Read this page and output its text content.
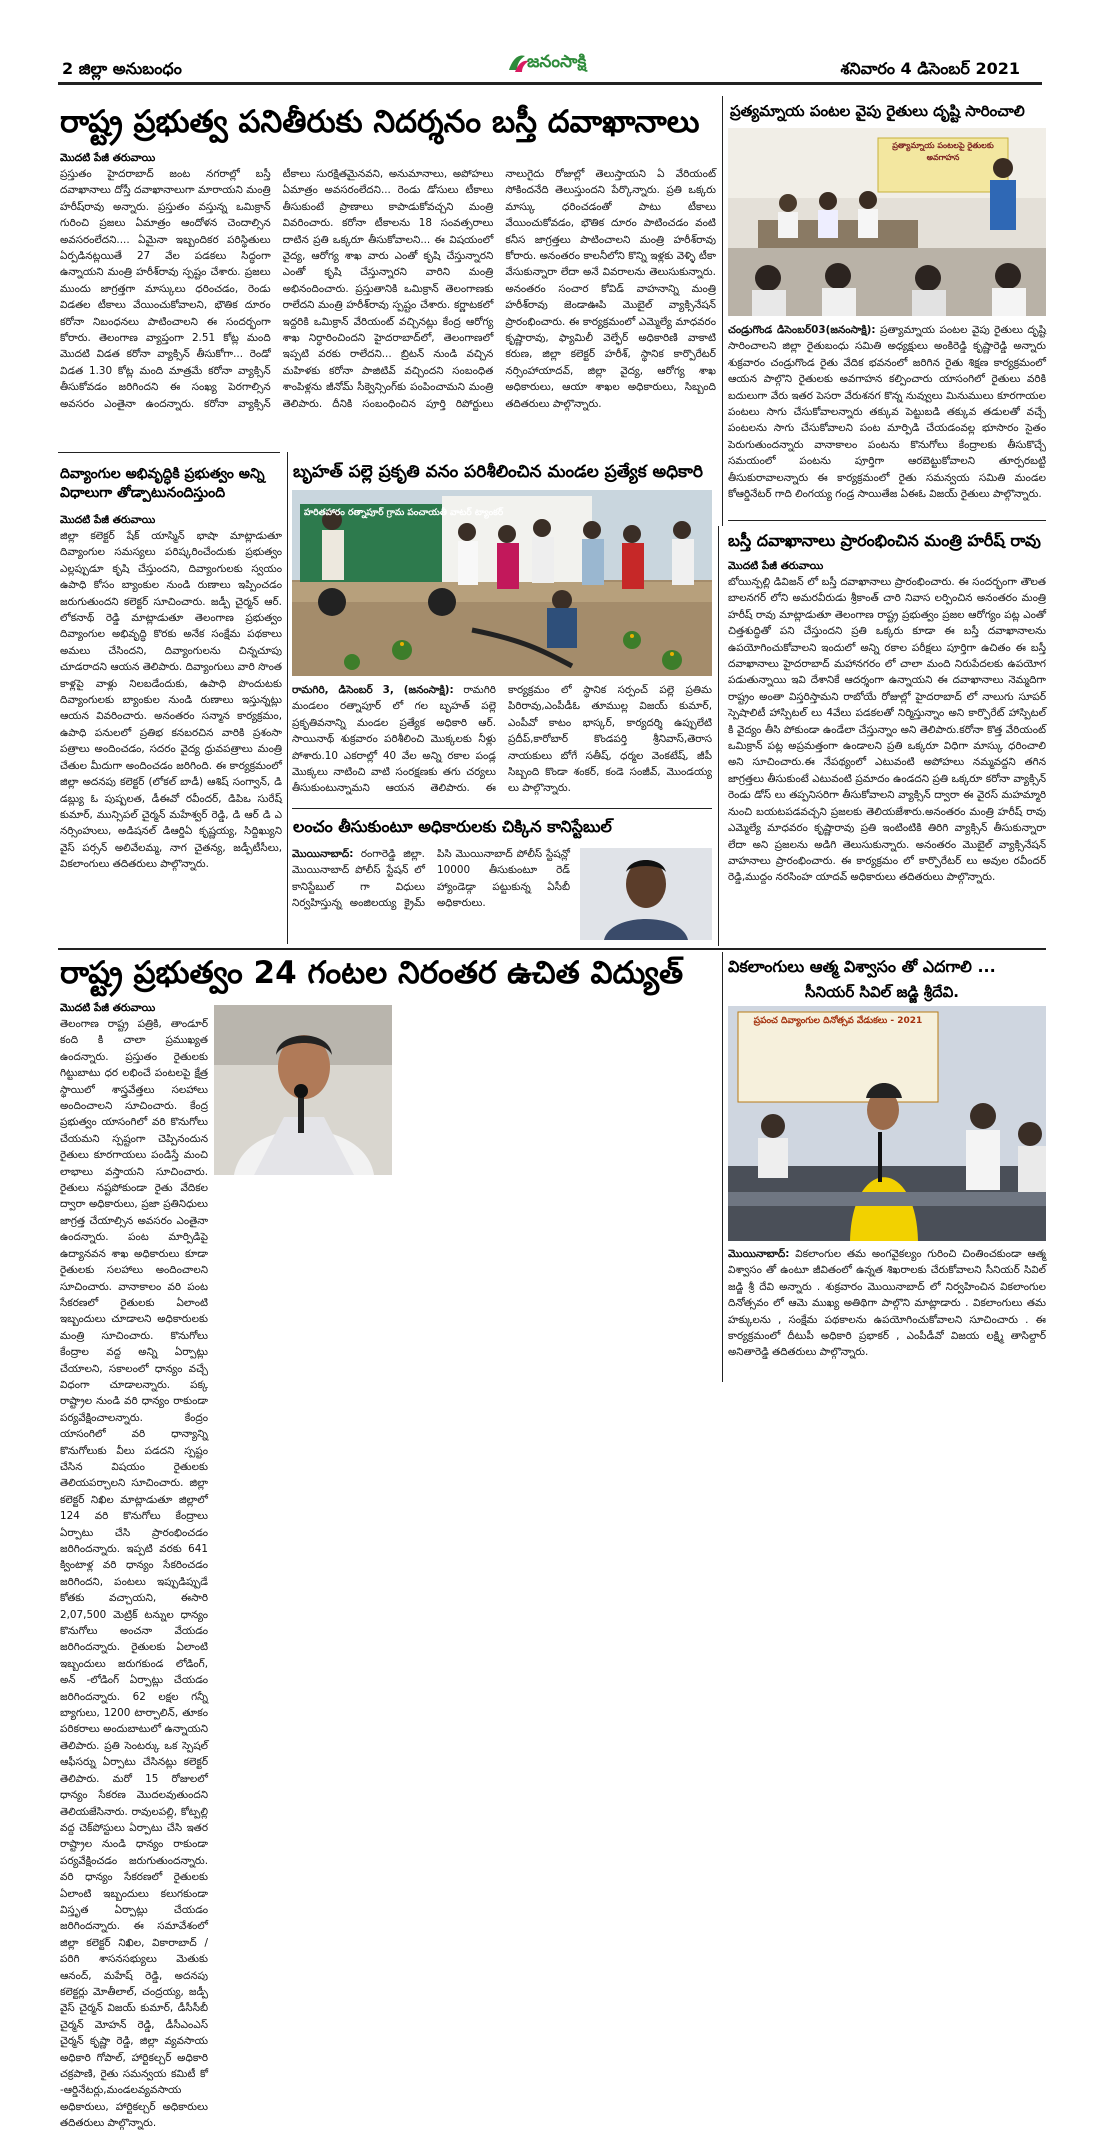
2 జిల్లా అనుబంధం	జనంసాక్షి	శనివారం 4 డిసెంబర్ 2021
రాష్ట్ర ప్రభుత్వ పనితీరుకు నిదర్శనం బస్తీ దవాఖానాలు
మొదటి పేజీ తరువాయి
ప్రస్తుతం హైదరాబాద్ జంట నగరాల్లో బస్తీ దవాఖానాలు దోస్తీ దవాఖానాలుగా మారాయని మంత్రి హరీష్‌రావు అన్నారు. ప్రస్తుతం వస్తున్న ఒమిక్రాన్ గురించి ప్రజలు ఏమాత్రం ఆందోళన చెందాల్సిన అవసరంలేదని.... ఏమైనా ఇబ్బందికర పరిస్థితులు ఏర్పడినట్లయితే 27 వేల పడకలు సిద్ధంగా ఉన్నాయని మంత్రి హరీశ్‌రావు స్పష్టం చేశారు. ప్రజలు ముందు జాగ్రత్తగా మాస్కులు ధరించడం, రెండు విడతల టీకాలు వేయించుకోవాలని, భౌతిక దూరం కరోనా నిబంధనలు పాటించాలని ఈ సందర్భంగా కోరారు. తెలంగాణ వ్యాప్తంగా 2.51 కోట్ల మంది మొదటి విడత కరోనా వ్యాక్సిన్ తీసుకోగా... రెండో విడత 1.30 కోట్ల మంది మాత్రమే కరోనా వ్యాక్సిన్ తీసుకోవడం జరిగిందని ఈ సంఖ్య పెరగాల్సిన అవసరం ఎంతైనా ఉందన్నారు. కరోనా వ్యాక్సిన్ టీకాలు సురక్షితమైనవని, అనుమానాలు, అపోహలు ఏమాత్రం అవసరంలేదని... రెండు డోసులు టీకాలు తీసుకుంటే ప్రాణాలు కాపాడుకోవచ్చని మంత్రి వివరించారు. కరోనా టీకాలను 18 సంవత్సరాలు దాటిన ప్రతి ఒక్కరూ తీసుకోవాలని... ఈ విషయంలో వైద్య, ఆరోగ్య శాఖ వారు ఎంతో కృషి చేస్తున్నారని ఎంతో కృషి చేస్తున్నారని వారిని మంత్రి అభినందించారు. ప్రస్తుతానికి ఒమిక్రాన్ తెలంగాణకు రాలేదని మంత్రి హరీశ్‌రావు స్పష్టం చేశారు. కర్ణాటకలో ఇద్దరికి ఒమిక్రాన్ వేరియంట్ వచ్చినట్లు కేంద్ర ఆరోగ్య శాఖ నిర్ధారించిందని హైదరాబాద్‌లో, తెలంగాణలో ఇప్పటి వరకు రాలేదని... బ్రిటన్ నుండి వచ్చిన మహిళకు కరోనా పాజిటివ్ వచ్చిందని సంబంధిత శాంపిళ్లను జీనోమ్ సీక్వెన్సింగ్‌కు పంపించామని మంత్రి తెలిపారు. దీనికి సంబంధించిన పూర్తి రిపోర్టులు నాలుగైదు రోజుల్లో తెలుస్తాయని ఏ వేరియంట్ సోకిందనేది తెలుస్తుందని పేర్కొన్నారు. ప్రతి ఒక్కరు మాస్కు ధరించడంతో పాటు టీకాలు వేయించుకోవడం, భౌతిక దూరం పాటించడం వంటి కనీస జాగ్రత్తలు పాటించాలని మంత్రి హరీశ్‌రావు కోరారు. అనంతరం కాలనీలోని కొన్ని ఇళ్లకు వెళ్ళి టీకా వేసుకున్నారా లేదా అనే వివరాలను తెలుసుకున్నారు. అనంతరం సంచార కోవిడ్ వాహనాన్ని మంత్రి హరీశ్‌రావు జెండాఊపి మొబైల్ వ్యాక్సినేషన్ ప్రారంభించారు. ఈ కార్యక్రమంలో ఎమ్మెల్యే మాధవరం కృష్ణారావు, ఫ్యామిలీ వెల్ఫేర్ అధికారిణి వాకాటి కరుణ, జిల్లా కలెక్టర్ హరీశ్, స్థానిక కార్పొరేటర్ నర్సింహాయాదవ్, జిల్లా వైద్య, ఆరోగ్య శాఖ అధికారులు, ఆయా శాఖల అధికారులు, సిబ్బంది తదితరులు పాల్గొన్నారు.
ప్రత్యమ్నాయ పంటల వైపు రైతులు దృష్టి సారించాలి
ప్రత్యామ్నాయ పంటలపై రైతులకు అవగాహన
చండ్రుగొండ డిసెంబర్03(జనంసాక్షి): ప్రత్యామ్నాయ పంటల వైపు రైతులు దృష్టి సారించాలని జిల్లా రైతుబంధు సమితి అధ్యక్షులు అంకిరెడ్డి కృష్ణారెడ్డి అన్నారు శుక్రవారం చండ్రుగొండ రైతు వేదిక భవనంలో జరిగిన రైతు శిక్షణ కార్యక్రమంలో ఆయన పాల్గొని రైతులకు అవగాహన కల్పించారు యాసంగిలో రైతులు వరికి బదులుగా వేరు ఇతర పెసరా వేరుశనగ కొన్న నువ్వులు మినుములు కూరగాయల పంటలు సాగు చేసుకోవాలన్నారు తక్కువ పెట్టుబడి తక్కువ తడులతో వచ్చే పంటలను సాగు చేసుకోవాలని పంట మార్పిడి చేయడంవల్ల భూసారం సైతం పెరుగుతుందన్నారు వానాకాలం పంటను కొనుగోలు కేంద్రాలకు తీసుకొచ్చే సమయంలో పంటను పూర్తిగా ఆరబెట్టుకోవాలని తూర్పరబట్టి తీసుకురావాలన్నారు ఈ కార్యక్రమంలో రైతు సమన్వయ సమితి మండల కోఆర్డినేటర్ గాది లింగయ్య గండ్ర సాయితేజ ఏఈఓ విజయ్ రైతులు పాల్గొన్నారు.
దివ్యాంగుల అభివృద్ధికి ప్రభుత్వం అన్ని విధాలుగా తోడ్పాటునందిస్తుంది
మొదటి పేజీ తరువాయి
జిల్లా కలెక్టర్ షేక్ యాస్మిన్ భాషా మాట్లాడుతూ దివ్యాంగుల సమస్యలు పరిష్కరించేందుకు ప్రభుత్వం ఎల్లప్పుడూ కృషి చేస్తుందని, దివ్యాంగులకు స్వయం ఉపాధి కోసం బ్యాంకుల నుండి రుణాలు ఇప్పించడం జరుగుతుందని కలెక్టర్ సూచించారు. జడ్పీ చైర్మన్ ఆర్. లోకనాథ్ రెడ్డి మాట్లాడుతూ తెలంగాణ ప్రభుత్వం దివ్యాంగుల అభివృద్ధి కొరకు అనేక సంక్షేమ పథకాలు అమలు చేసిందని, దివ్యాంగులను చిన్నచూపు చూడరాదని ఆయన తెలిపారు. దివ్యాంగులు వారి సొంత కాళ్లపై వాళ్లు నిలబడేందుకు, ఉపాధి పొందుటకు దివ్యాంగులకు బ్యాంకుల నుండి రుణాలు ఇస్తున్నట్లు ఆయన వివరించారు. అనంతరం సన్మాన కార్యక్రమం, ఉపాధి పనులలో ప్రతిభ కనబరచిన వారికి ప్రశంసా పత్రాలు అందించడం, సదరం వైద్య ధ్రువపత్రాలు మంత్రి చేతుల మీదుగా అందించడం జరిగింది. ఈ కార్యక్రమంలో జిల్లా అదనపు కలెక్టర్ (లోకల్ బాడీ) ఆశిష్ సంగ్వాన్, డి డబ్ల్యు ఓ పుష్పలత, డీఈవో రవీందర్, డిపిఒ సురేష్ కుమార్, మున్సిపల్ చైర్మన్ మహేశ్వర్ రెడ్డి, డి ఆర్ డి ఎ నర్సింహులు, అడిషనల్ డిఆర్డిఏ కృష్ణయ్య, సిద్దిఖ్యుని వైస్ పర్సన్ అలివేలమ్మ, నాగ చైతన్య, జడ్పీటీసీలు, వికలాంగులు తదితరులు పాల్గొన్నారు.
బృహత్ పల్లె ప్రకృతి వనం పరిశీలించిన మండల ప్రత్యేక అధికారి
హరితహారం రత్నాపూర్ గ్రామ పంచాయతీ వాటర్ ట్యాంకర్
రామగిరి, డిసెంబర్ 3, (జనంసాక్షి): రామగిరి మండలం రత్నాపూర్ లో గల బృహత్ పల్లె ప్రకృతివనాన్ని మండల ప్రత్యేక అధికారి ఆర్. సాయినాథ్ శుక్రవారం పరిశీలించి మొక్కలకు నీళ్లు పోశారు.10 ఎకరాల్లో 40 వేల అన్ని రకాల పండ్ల మొక్కలు నాటించి వాటి సంరక్షణకు తగు చర్యలు తీసుకుంటున్నామని ఆయన తెలిపారు. ఈ కార్యక్రమం లో స్థానిక సర్పంచ్ పల్లె ప్రతిమ పిరిరావు,ఎంపీడీఓ తూముల్ల విజయ్ కుమార్, ఎంపీవో కాటం భాస్కర్, కార్యదర్శి ఉప్పులేటి ప్రదీప్,కారోబార్ కొండపర్తి శ్రీనివాస్,తెరాస నాయకులు బోగే సతీష్, ధర్మల వెంకటేష్, జీపీ సిబ్బంది కొండా శంకర్, కండె సంజీవ్, మొండయ్య లు పాల్గొన్నారు.
లంచం తీసుకుంటూ అధికారులకు చిక్కిన కానిస్టేబుల్
మొయినాబాద్: రంగారెడ్డి జిల్లా. మొయినాబాద్ పోలీస్ స్టేషన్ లో కానిస్టేబుల్ గా విధులు నిర్వహిస్తున్న అంజిలయ్య క్రైమ్ పిసి మొయినాబాద్ పోలీస్ స్టేషన్లో 10000 తీసుకుంటూ రెడ్ హ్యాండెడ్గా పట్టుకున్న ఏసీబీ అధికారులు.
బస్తీ దవాఖానాలు ప్రారంభించిన మంత్రి హరీష్ రావు
మొదటి పేజీ తరువాయి
బోయిన్పల్లి డివిజన్ లో బస్తీ దవాఖానాలు ప్రారంభించారు. ఈ సందర్భంగా తౌలత బాలనగర్ లోని అమరవీరుడు శ్రీకాంత్ చారి నివాస లర్పించిన అనంతరం మంత్రి హరీష్ రావు మాట్లాడుతూ తెలంగాణ రాష్ట్ర ప్రభుత్వం ప్రజల ఆరోగ్యం పట్ల ఎంతో చిత్తశుద్ధితో పని చేస్తుందని ప్రతి ఒక్కరు కూడా ఈ బస్తీ దవాఖానాలను ఉపయోగించుకోవాలని ఇందులో అన్ని రకాల పరీక్షలు పూర్తిగా ఉచితం ఈ బస్తీ దవాఖానాలు హైదరాబాద్ మహానగరం లో చాలా మంది నిరుపేదలకు ఉపయోగ పడుతున్నాయి ఇవి దేశానికే ఆదర్శంగా ఉన్నాయని ఈ దవాఖానాలు నెమ్మదిగా రాష్ట్రం అంతా విస్తరిస్తామని రాబోయే రోజుల్లో హైదరాబాద్ లో నాలుగు సూపర్ స్పెషాలిటీ హాస్పిటల్ లు 4వేలు పడకలతో నిర్మిస్తున్నాం అని కార్పొరేట్ హాస్పిటల్ కి వైద్యం తీసి పోకుండా ఉండేలా చేస్తున్నాం అని తెలిపారు.కరోనా కొత్త వేరియంట్ ఒమిక్రాన్ పట్ల అప్రమత్తంగా ఉండాలని ప్రతి ఒక్కరూ విధిగా మాస్కు ధరించాలి అని సూచించారు.ఈ నేపథ్యంలో ఎటువంటి అపోహలు నమ్మవద్దని తగిన జాగ్రత్తలు తీసుకుంటే ఎటువంటి ప్రమాదం ఉండదని ప్రతి ఒక్కరూ కరోనా వ్యాక్సిన్ రెండు డోస్ లు తప్పనిసరిగా తీసుకోవాలని వ్యాక్సిన్ ద్వారా ఈ వైరస్ మహమ్మారి నుంచి బయటపడవచ్చని ప్రజలకు తెలియజేశారు.అనంతరం మంత్రి హరీష్ రావు ఎమ్మెల్యే మాధవరం కృష్ణారావు ప్రతి ఇంటింటికి తిరిగి వ్యాక్సిన్ తీసుకున్నారా లేదా అని ప్రజలను అడిగి తెలుసుకున్నారు. అనంతరం మొబైల్ వ్యాక్సినేషన్ వాహనాలు ప్రారంభించారు. ఈ కార్యక్రమం లో కార్పొరేటర్ లు అవుల రవీందర్ రెడ్డి,ముద్దం నరసింహ యాదవ్ అధికారులు తదితరులు పాల్గొన్నారు.
రాష్ట్ర ప్రభుత్వం 24 గంటల నిరంతర ఉచిత విద్యుత్
మొదటి పేజీ తరువాయి
తెలంగాణ రాష్ట్ర పత్రికి, తాండూర్ కంది కి చాలా ప్రముఖ్యత ఉందన్నారు. ప్రస్తుతం రైతులకు గిట్టుబాటు ధర లభించే పంటలపై క్షేత్ర స్థాయిలో శాస్త్రవేత్తలు సలహాలు అందించాలని సూచించారు. కేంద్ర ప్రభుత్వం యాసంగిలో వరి కొనుగోలు చేయమని స్పష్టంగా చెప్పినందున రైతులు కూరగాయలు పండిస్తే మంచి లాభాలు వస్తాయని సూచించారు. రైతులు నష్టపోకుండా రైతు వేదికల ద్వారా అధికారులు, ప్రజా ప్రతినిధులు జాగ్రత్త చేయాల్సిన అవసరం ఎంతైనా ఉందన్నారు. పంట మార్పిడిపై ఉద్యానవన శాఖ అధికారులు కూడా రైతులకు సలహాలు అందించాలని సూచించారు. వానాకాలం వరి పంట సేకరణలో రైతులకు ఏలాంటి ఇబ్బందులు చూడాలని అధికారులకు మంత్రి సూచించారు. కొనుగోలు కేంద్రాల వద్ద అన్ని ఏర్పాట్లు చేయాలని, సకాలంలో ధాన్యం వచ్చే విధంగా చూడాలన్నారు. పక్క రాష్ట్రాల నుండి వరి ధాన్యం రాకుండా పర్యవేక్షించాలన్నారు. కేంద్రం యాసంగిలో వరి ధాన్యాన్ని కొనుగోలుకు వీలు పడదని స్పష్టం చేసిన విషయం రైతులకు తెలియపర్చాలని సూచించారు. జిల్లా కలెక్టర్ నిఖిల మాట్లాడుతూ జిల్లాలో 124 వరి కొనుగోలు కేంద్రాలు ఏర్పాటు చేసి ప్రారంభించడం జరిగిందన్నారు. ఇప్పటి వరకు 641 క్వింటాళ్ల వరి ధాన్యం సేకరించడం జరిగిందని, పంటలు ఇప్పుడిప్పుడే కోతకు వచ్చాయని, ఈసారి 2,07,500 మెట్రిక్ టన్నుల ధాన్యం కొనుగోలు అంచనా వేయడం జరిగిందన్నారు. రైతులకు ఏలాంటి ఇబ్బందులు జరుగకుండ లోడింగ్, అన్ -లోడింగ్ ఏర్పాట్లు చేయడం జరిగిందన్నారు. 62 లక్షల గన్నీ బ్యాగులు, 1200 టార్పాలిన్, తూకం పరికరాలు అందుబాటులో ఉన్నాయని తెలిపారు. ప్రతి సెంటర్కు ఒక స్పెషల్ ఆఫీసర్ను ఏర్పాటు చేసినట్లు కలెక్టర్ తెలిపారు. మరో 15 రోజులలో ధాన్యం సేకరణ మొదలవుతుందని తెలియజేసినారు. రావులపల్లి, కోట్పల్లి వద్ద చెక్‌పోస్టులు ఏర్పాటు చేసి ఇతర రాష్ట్రాల నుండి ధాన్యం రాకుండా పర్యవేక్షించడం జరుగుతుందన్నారు. వరి ధాన్యం సేకరణలో రైతులకు ఏలాంటి ఇబ్బందులు కలుగకుండా విస్తృత ఏర్పాట్లు చేయడం జరిగిందన్నారు. ఈ సమావేశంలో జిల్లా కలెక్టర్ నిఖిల, వికారాబాద్ / పరిగి శాసనసభ్యులు మెతుకు ఆనంద్, మహేష్ రెడ్డి, అదనపు కలెక్టర్లు మోతీలాల్, చంద్రయ్య, జడ్పీ వైస్ చైర్మన్ విజయ్ కుమార్, డీసీసీబీ చైర్మన్ మోహన్ రెడ్డి, డీసీఎంఎస్ చైర్మన్ కృష్ణా రెడ్డి, జిల్లా వ్యవసాయ అధికారి గోపాల్, హార్టికల్చర్ అధికారి చక్రపాణి, రైతు సమన్వయ కమిటీ కో -ఆర్డినేటర్లు,మండలవ్యవసాయ అధికారులు, హార్టికల్చర్ అధికారులు తదితరులు పాల్గొన్నారు.
వికలాంగులు ఆత్మ విశ్వాసం తో ఎదగాలి ...
సీనియర్ సివిల్ జడ్జి శ్రీదేవి.
ప్రపంచ దివ్యాంగుల దినోత్సవ వేడుకలు - 2021
మొయినాబాద్: వికలాంగుల తమ అంగవైకల్యం గురించి చింతించకుండా ఆత్మ విశ్వాసం తో ఉంటూ జీవితంలో ఉన్నత శిఖరాలకు చేరుకోవాలని సీనియర్ సివిల్ జడ్జి శ్రీ దేవి అన్నారు . శుక్రవారం మొయినాబాద్ లో నిర్వహించిన వికలాంగుల దినోత్సవం లో ఆమె ముఖ్య అతిథిగా పాల్గొని మాట్లాడారు . వికలాంగులు తమ హక్కులను , సంక్షేమ పథకాలను ఉపయోగించుకోవాలని సూచించారు . ఈ కార్యక్రమంలో దీటుపీ అధికారి ప్రభాకర్ , ఎంపీడీవో విజయ లక్ష్మి తాసిల్దార్ అనితారెడ్డి తదితరులు పాల్గొన్నారు.
